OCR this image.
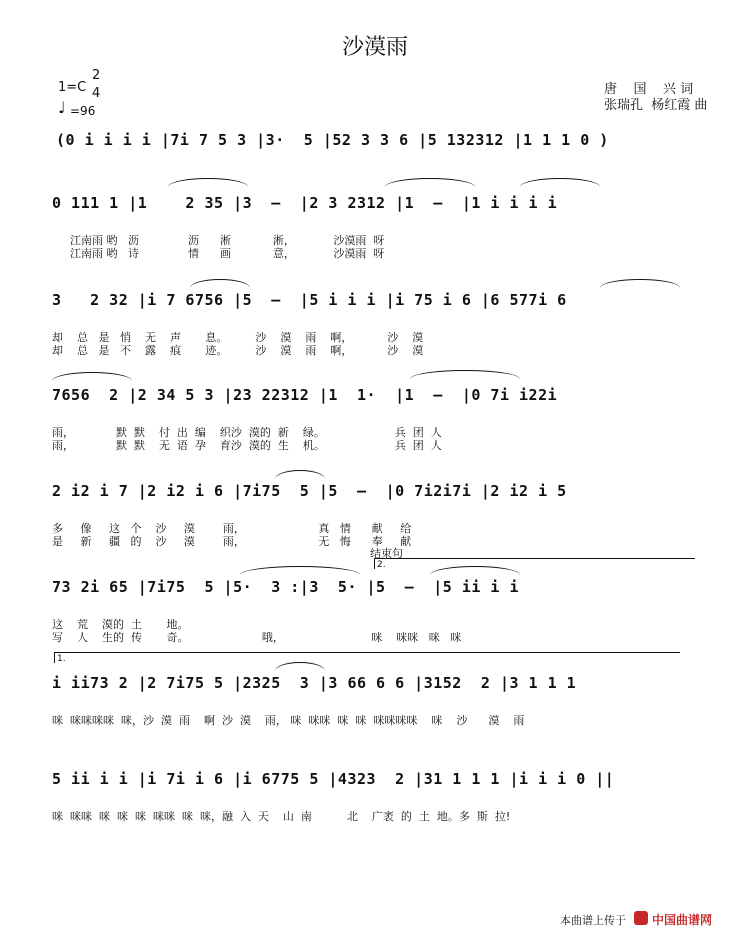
沙漠雨
1=C
2
4
♩ =96
唐    国    兴 词
张瑞孔  杨红霞 曲
(0 i i i i |7i 7 5 3 |3·  5 |52 3 3 6 |5 132312 |1 1 1 0 )
0 111 1 |1    2 35 |3  –  |2 3 2312 |1  –  |1 i i i i
江南雨 哟   沥              沥      淅            淅，           沙漠雨  呀
江南雨 哟   诗              情      画            意，           沙漠雨  呀
3   2 32 |i 7 6756 |5  –  |5 i i i |i 75 i 6 |6 577i 6
却    总   是   悄    无    声       息。        沙    漠    雨    啊，          沙    漠
却    总   是   不    露    痕       迹。        沙    漠    雨    啊，          沙    漠
7656  2 |2 34 5 3 |23 22312 |1  1·  |1  –  |0 7i i22i
雨，            默  默    付  出  编    织沙  漠的  新    绿。                    兵  团  人
雨，            默  默    无  语  孕    育沙  漠的  生    机。                    兵  团  人
2 i2 i 7 |2 i2 i 6 |7i75  5 |5  –  |0 7i2i7i |2 i2 i 5
多     像     这   个    沙     漠        雨，                     真   情      献     给
是     新     疆   的    沙     漠        雨，                     无   悔      奉     献
结束句
2.
73 2i 65 |7i75  5 |5·  3 :|3  5· |5  –  |5 ii i i
这    荒    漠的  土       地。
写    人    生的  传       奇。                     哦，                         咪    咪咪   咪   咪
1.
i ii73 2 |2 7i75 5 |2325  3 |3 66 6 6 |3152  2 |3 1 1 1
咪  咪咪咪咪  咪，沙  漠  雨    啊  沙  漠    雨， 咪  咪咪  咪  咪  咪咪咪咪    咪    沙      漠    雨
5 ii i i |i 7i i 6 |i 6775 5 |4323  2 |31 1 1 1 |i i i 0 ||
咪  咪咪  咪  咪  咪  咪咪  咪  咪，融  入  天    山  南          北    广袤  的  土  地。多  斯  拉!
本曲谱上传于 中国曲谱网
